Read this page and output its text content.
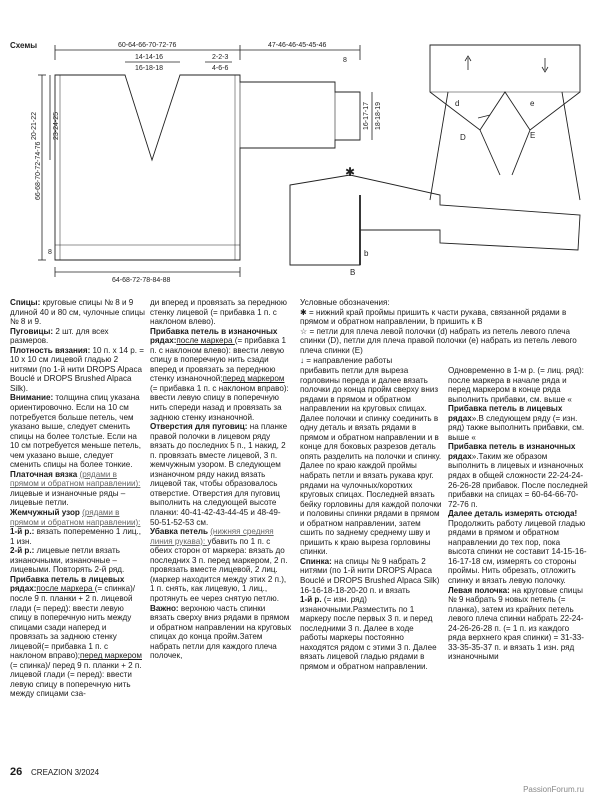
Схемы	60-64-66-70-72-76	47-46-46-45-45-46
14-14-16
16-18-18
2-2-3
4-6-6
8
66-68-70-72-74-76
20-21-22 23-24-25
8
16-17-17 18-18-19
64-68-72-78-84-88
d	e
D	E
✱
b
B

Спицы: круговые спицы № 8 и 9 длиной 40 и 80 см, чулочные спицы № 8 и 9.

Пуговицы: 2 шт. для всех размеров.

Плотность вязания: 10 п. х 14 р. = 10 х 10 см лицевой гладью 2 нитями (по 1-й нити DROPS Alpaca Bouclé и DROPS Brushed Alpaca Silk).

Внимание: толщина спиц указана ориентировочно. Если на 10 см потребуется больше петель, чем указано выше, следует сменить спицы на более толстые. Если на 10 см потребуется меньше петель, чем указано выше, следует сменить спицы на более тонкие.

Платочная вязка (рядами в прямом и обратном направлении): лицевые и изнаночные ряды – лицевые петли.

Жемчужный узор (рядами в прямом и обратном направлении):

1-й р.: вязать попеременно 1 лиц., 1 изн.

2-й р.: лицевые петли вязать изнаночными, изнаночные – лицевыми. Повторять 2-й ряд.

Прибавка петель в лицевых рядах:после маркера (= спинка)/ после 9 п. планки + 2 п. лицевой глади (= перед): ввести левую спицу в поперечную нить между спицами сзади наперед и провязать за заднюю стенку лицевой(= прибавка 1 п. с наклоном вправо);перед маркером (= спинка)/ перед 9 п. планки + 2 п. лицевой глади (= перед): ввести левую спицу в поперечную нить между спицами сза-

ди вперед и провязать за переднюю стенку лицевой (= прибавка 1 п. с наклоном влево).

Прибавка петель в изнаночных рядах:после маркера (= прибавка 1 п. с наклоном влево): ввести левую спицу в поперечную нить сзади вперед и провязать за переднюю стенку изнаночной;перед маркером (= прибавка 1 п. с наклоном вправо): ввести левую спицу в поперечную нить спереди назад и провязать за заднюю стенку изнаночной.

Отверстия для пуговиц: на планке правой полочки в лицевом ряду вязать до последних 5 п., 1 накид, 2 п. провязать вместе лицевой, 3 п. жемчужным узором. В следующем изнаночном ряду накид вязать лицевой так, чтобы образовалось отверстие. Отверстия для пуговиц выполнить на следующей высоте планки: 40-41-42-43-44-45 и 48-49-50-51-52-53 см.

Убавка петель (нижняя средняя линия рукава): убавить по 1 п. с обеих сторон от маркера: вязать до последних 3 п. перед маркером, 2 п. провязать вместе лицевой, 2 лиц. (маркер находится между этих 2 п.), 1 п. снять, как лицевую, 1 лиц., протянуть ее через снятую петлю.

Важно: верхнюю часть спинки вязать сверху вниз рядами в прямом и обратном направлении на круговых спицах до конца пройм.Затем набрать петли для каждого плеча полочек,

Условные обозначения:

✱ = нижний край проймы пришить к части рукава, связанной рядами в прямом и обратном направлении, b пришить к B

☆ = петли для плеча левой полочки (d) набрать из петель левого плеча спинки (D), петли для плеча правой полочки (e) набрать из петель левого плеча спинки (E)

↓ = направление работы

прибавить петли для выреза горловины переда и далее вязать полочки до конца пройм сверху вниз рядами в прямом и обратном направлении на круговых спицах. Далее полочки и спинку соединить в одну деталь и вязать рядами в прямом и обратном направлении и в конце для боковых разрезов деталь опять разделить на полочки и спинку. Далее по краю каждой проймы набрать петли и вязать рукава круг. рядами на чулочных/коротких круговых спицах. Последней вязать бейку горловины для каждой полочки и половины спинки рядами в прямом и обратном направлении, затем сшить по заднему среднему шву и пришить к краю выреза горловины спинки.

Спинка: на спицы № 9 набрать 2 нитями (по 1-й нити DROPS Alpaca Bouclé и DROPS Brushed Alpaca Silk) 16-16-18-18-20-20 п. и вязать

1-й р. (= изн. ряд) изнаночными.Разместить по 1 маркеру после первых 3 п. и перед последними 3 п. Далее в ходе работы маркеры постоянно находятся рядом с этими 3 п. Далее вязать лицевой гладью рядами в прямом и обратном направлении.

Одновременно в 1-м р. (= лиц. ряд): после маркера в начале ряда и перед маркером в конце ряда выполнить прибавки, см. выше «

Прибавка петель в лицевых рядах».В следующем ряду (= изн. ряд) также выполнить прибавки, см. выше «

Прибавка петель в изнаночных рядах».Таким же образом выполнить в лицевых и изнаночных рядах в общей сложности 22-24-24-26-26-28 прибавок. После последней прибавки на спицах = 60-64-66-70-72-76 п.

Далее деталь измерять отсюда!Продолжить работу лицевой гладью рядами в прямом и обратном направлении до тех пор, пока высота спинки не составит 14-15-16-16-17-18 см, измерять со стороны проймы. Нить обрезать, отложить спинку и вязать левую полочку.

Левая полочка: на круговые спицы № 9 набрать 9 новых петель (= планка), затем из крайних петель левого плеча спинки набрать 22-24-24-26-26-28 п. (= 1 п. из каждого ряда верхнего края спинки) = 31-33-33-35-35-37 п. и вязать 1 изн. ряд изнаночными

26 CREAZION 3/2024
PassionForum.ru
